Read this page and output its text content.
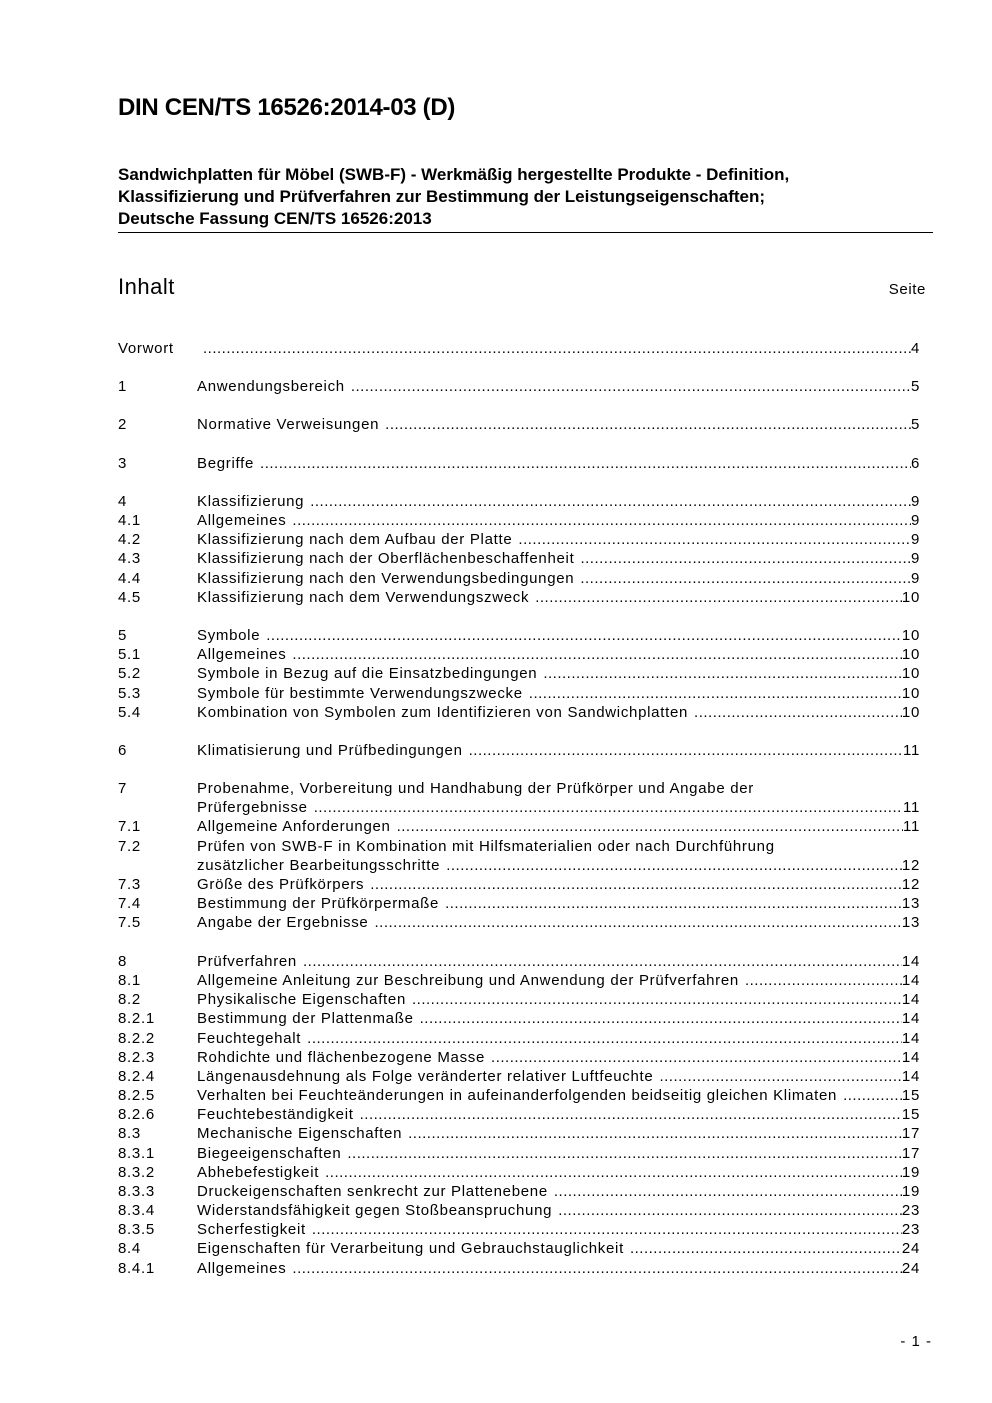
DIN CEN/TS 16526:2014-03 (D)
Sandwichplatten für Möbel (SWB-F) - Werkmäßig hergestellte Produkte - Definition,
Klassifizierung und Prüfverfahren zur Bestimmung der Leistungseigenschaften;
Deutsche Fassung CEN/TS 16526:2013
Inhalt	Seite
Vorwort .....	4
1	Anwendungsbereich .....	5
2	Normative Verweisungen .....	5
3	Begriffe .....	6
4	Klassifizierung .....	9
4.1	Allgemeines .....	9
4.2	Klassifizierung nach dem Aufbau der Platte .....	9
4.3	Klassifizierung nach der Oberflächenbeschaffenheit .....	9
4.4	Klassifizierung nach den Verwendungsbedingungen .....	9
4.5	Klassifizierung nach dem Verwendungszweck .....	10
5	Symbole .....	10
5.1	Allgemeines .....	10
5.2	Symbole in Bezug auf die Einsatzbedingungen .....	10
5.3	Symbole für bestimmte Verwendungszwecke .....	10
5.4	Kombination von Symbolen zum Identifizieren von Sandwichplatten .....	10
6	Klimatisierung und Prüfbedingungen .....	11
7	Probenahme, Vorbereitung und Handhabung der Prüfkörper und Angabe der
Prüfergebnisse .....	11
7.1	Allgemeine Anforderungen .....	11
7.2	Prüfen von SWB-F in Kombination mit Hilfsmaterialien oder nach Durchführung
zusätzlicher Bearbeitungsschritte .....	12
7.3	Größe des Prüfkörpers .....	12
7.4	Bestimmung der Prüfkörpermaße .....	13
7.5	Angabe der Ergebnisse .....	13
8	Prüfverfahren .....	14
8.1	Allgemeine Anleitung zur Beschreibung und Anwendung der Prüfverfahren .....	14
8.2	Physikalische Eigenschaften .....	14
8.2.1	Bestimmung der Plattenmaße .....	14
8.2.2	Feuchtegehalt .....	14
8.2.3	Rohdichte und flächenbezogene Masse .....	14
8.2.4	Längenausdehnung als Folge veränderter relativer Luftfeuchte .....	14
8.2.5	Verhalten bei Feuchteänderungen in aufeinanderfolgenden beidseitig gleichen Klimaten .....	15
8.2.6	Feuchtebeständigkeit .....	15
8.3	Mechanische Eigenschaften .....	17
8.3.1	Biegeeigenschaften .....	17
8.3.2	Abhebefestigkeit .....	19
8.3.3	Druckeigenschaften senkrecht zur Plattenebene .....	19
8.3.4	Widerstandsfähigkeit gegen Stoßbeanspruchung .....	23
8.3.5	Scherfestigkeit .....	23
8.4	Eigenschaften für Verarbeitung und Gebrauchstauglichkeit .....	24
8.4.1	Allgemeines .....	24
- 1 -
